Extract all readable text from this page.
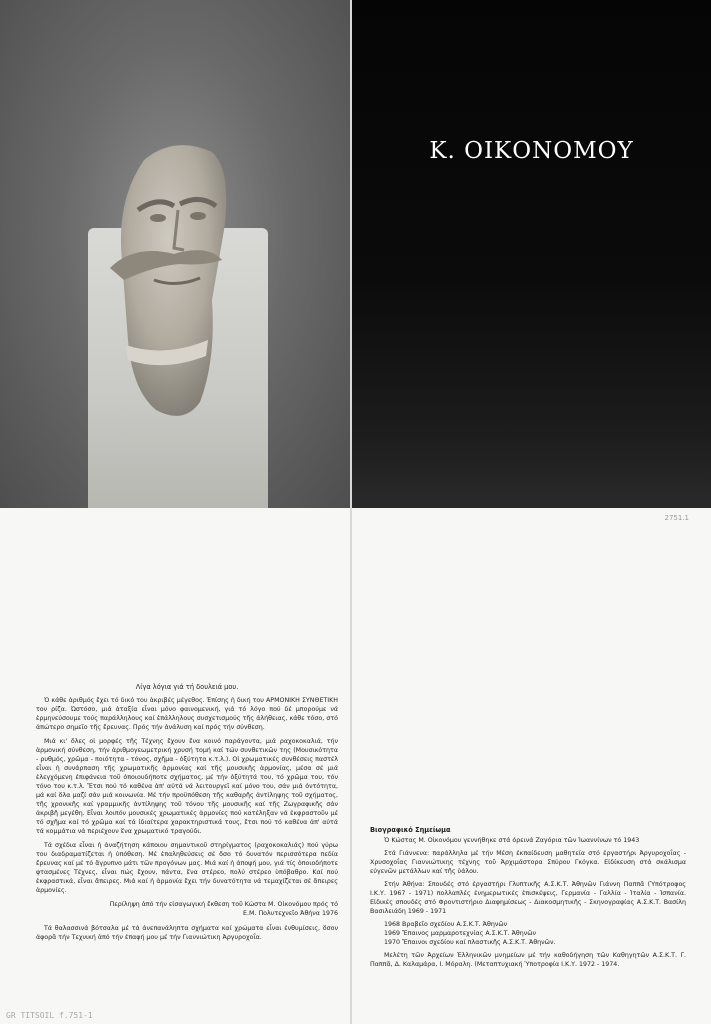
Κ. ΟΙΚΟΝΟΜΟΥ
2751.1
GR TITSOIL f.751-1
Λίγα λόγια γιά τή δουλειά μου.

Ὁ κάθε ἀριθμός ἔχει τό δικό του ἀκριβές μέγεθος. Ἐπίσης ἡ δική του ΑΡΜΟΝΙΚΗ ΣΥΝΘΕΤΙΚΗ τον ρίζα. Ὠστόσο, μιά ἀταξία εἶναι μόνο φαινομενική, γιά τό λόγο πού δέ μπορούμε νά ἑρμηνεύσουμε τούς παράλληλους καί ἐπάλληλους συσχετισμούς τῆς ἀλήθειας, κάθε τόσο, στό ἀπώτερο σημεῖο τῆς ἔρευνας. Πρός τήν ἀνάλυση καί πρός τήν σύνθεση.

Μιά κι' ὅλες οἱ μορφές τῆς Τέχνης ἔχουν ἕνα κοινό παράγοντα, μιά ραχοκοκαλιά, τήν ἁρμονική σύνθεση, τήν ἀριθμογεωμετρική χρυσή τομή καί τών συνθετικῶν της (Μουσικότητα - ρυθμός, χρῶμα - ποιότητα - τόνος, σχῆμα - ὀξύτητα κ.τ.λ.). Οἱ χρωματικές συνθέσεις παστέλ εἶναι ἡ συνάρπαση τῆς χρωματικῆς ἁρμονίας καί τῆς μουσικῆς ἁρμονίας, μέσα σέ μιά ἐλεγχόμενη ἐπιφάνεια τοῦ ὁποιουδήποτε σχήματος, μέ τήν ὀξύτητά του, τό χρῶμα του, τόν τόνο του κ.τ.λ. Ἔτσι πού τό καθένα ἀπ' αὐτά νά λειτουργεῖ καί μόνο του, σάν μιά ὀντότητα, μά καί ὅλα μαζί σάν μιά κοινωνία. Μέ τήν προϋπόθεση τῆς καθαρῆς ἀντίληψης τοῦ σχήματος, τῆς χρονικῆς καί γραμμικῆς ἀντίληψης τοῦ τόνου τῆς μουσικῆς καί τῆς Ζωγραφικῆς σάν ἀκριβῆ μεγέθη. Εἶναι λοιπόν μουσικές χρωματικές ἁρμονίες πού κατέληξαν νά ἐκφραστοῦν μέ τό σχῆμα καί τό χρῶμα καί τά ἰδιαίτερα χαρακτηριστικά τους, ἔτσι πού τό καθένα ἀπ' αὐτά τά κομμάτια νά περιέχουν ἕνα χρωματικό τραγούδι.

Τά σχέδια εἶναι ἡ ἀναζήτηση κάποιου σημαντικοῦ στηρίγματος (ραχοκοκαλιάς) πού γύρω του διαδραματίζεται ἡ ὑπόθεση. Μέ ἐπαληθεύσεις σέ ὅσο τό δυνατόν περισσότερα πεδία ἔρευνας καί μέ τό ἄγρυπνο μάτι τῶν προγόνων μας. Μιά καί ἡ ἀποψή μου, γιά τίς ὁποιοδήποτε φτασμένες Τέχνες, εἶναι πώς ἔχουν, πάντα, ἕνα στέρεο, πολύ στέρεο ὑπόβαθρο. Καί πού ἐκφραστικά, εἶναι ἄπειρες. Μιά καί ἡ ἁρμονία ἔχει τήν δυνατότητα νά τεμαχίζεται σέ ἄπειρες ἁρμονίες.

Περίληψη ἀπό τήν εἰσαγωγική ἔκθεση τοῦ Κώστα Μ. Οἰκονόμου πρός τό

Ε.Μ. Πολυτεχνεῖο Ἀθήνα 1976

Τά θαλασσινά βότσαλα μέ τά ἀνεπανάληπτα σχήματα καί χρώματα εἶναι ἐνθυμίσεις, ὅσον ἀφορᾶ τήν Τεχνική ἀπό τήν ἐπαφή μου μέ τήν Γιαννιώτικη Ἀργυροχοΐα.

Βιογραφικό Σημείωμα

Ὁ Κώστας Μ. Οἰκονόμου γεννήθηκε στά ὀρεινά Ζαγόρια τῶν Ἰωαννίνων τό 1943

Στά Γιάννενα: παράλληλα μέ τήν Μέση ἐκπαίδευση μαθητεία στό ἐργαστήρι Ἀργυροχοΐας - Χρυσοχοΐας Γιαννιώτικης τέχνης τοῦ Ἀρχιμάστορα Σπύρου Γκόγκα. Εἰδίκευση στά σκάλισμα εὐγενῶν μετάλλων καί τῆς ὑάλου.

Στήν Ἀθήνα: Σπουδές στό ἐργαστήρι Γλυπτικῆς Α.Σ.Κ.Τ. Ἀθηνῶν Γιάννη Παππᾶ (Ὑπότροφος Ι.Κ.Υ. 1967 - 1971) πολλαπλές ἐνημερωτικές ἐπισκέψεις, Γερμανία - Γαλλία - Ἰταλία - Ἰσπανία. Εἰδικές σπουδές στό Φροντιστήριο Διαφημίσεως - Διακοσμητικῆς - Σκηνογραφίας Α.Σ.Κ.Τ. Βασίλη Βασιλειάδη 1969 - 1971

1968 Βραβεῖο σχεδίου Α.Σ.Κ.Τ. Ἀθηνῶν
1969 Ἔπαινος μαρμαροτεχνίας Α.Σ.Κ.Τ. Ἀθηνῶν
1970 Ἔπαινοι σχεδίου καί πλαστικῆς Α.Σ.Κ.Τ. Ἀθηνῶν.

Μελέτη τῶν Ἀρχείων Ἑλληνικῶν μνημείων μέ τήν καθοδήγηση τῶν Καθηγητῶν Α.Σ.Κ.Τ. Γ. Παππᾶ, Δ. Καλαμάρα, Ι. Μόραλη. (Μεταπτυχιακή Ὑποτροφία Ι.Κ.Υ. 1972 - 1974.
